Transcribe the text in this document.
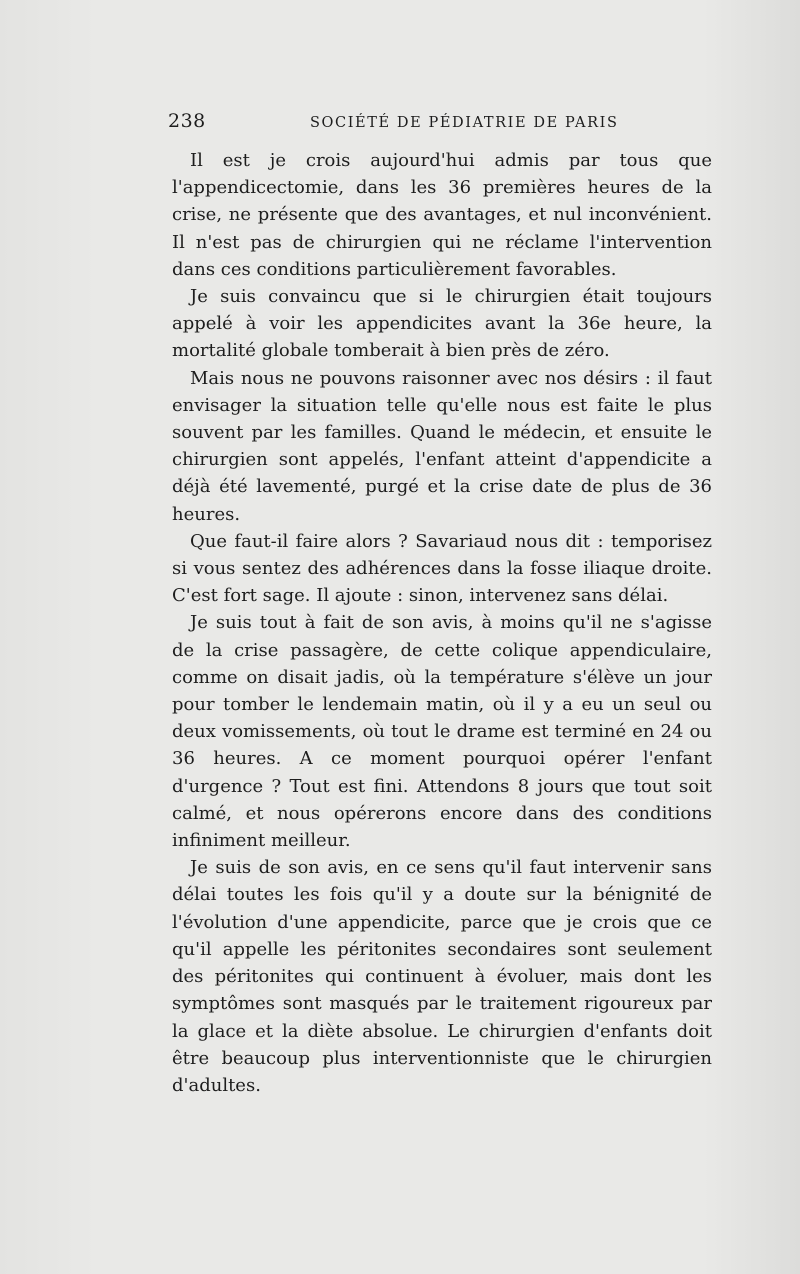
238	SOCIÉTÉ DE PÉDIATRIE DE PARIS

Il est je crois aujourd'hui admis par tous que l'appendicectomie, dans les 36 premières heures de la crise, ne présente que des avantages, et nul inconvénient. Il n'est pas de chirurgien qui ne réclame l'intervention dans ces conditions particulièrement favorables.

Je suis convaincu que si le chirurgien était toujours appelé à voir les appendicites avant la 36e heure, la mortalité globale tomberait à bien près de zéro.

Mais nous ne pouvons raisonner avec nos désirs : il faut envisager la situation telle qu'elle nous est faite le plus souvent par les familles. Quand le médecin, et ensuite le chirurgien sont appelés, l'enfant atteint d'appendicite a déjà été lavementé, purgé et la crise date de plus de 36 heures.

Que faut-il faire alors ? Savariaud nous dit : temporisez si vous sentez des adhérences dans la fosse iliaque droite. C'est fort sage. Il ajoute : sinon, intervenez sans délai.

Je suis tout à fait de son avis, à moins qu'il ne s'agisse de la crise passagère, de cette colique appendiculaire, comme on disait jadis, où la température s'élève un jour pour tomber le lendemain matin, où il y a eu un seul ou deux vomissements, où tout le drame est terminé en 24 ou 36 heures. A ce moment pourquoi opérer l'enfant d'urgence ? Tout est fini. Attendons 8 jours que tout soit calmé, et nous opérerons encore dans des conditions infiniment meilleur.

Je suis de son avis, en ce sens qu'il faut intervenir sans délai toutes les fois qu'il y a doute sur la bénignité de l'évolution d'une appendicite, parce que je crois que ce qu'il appelle les péritonites secondaires sont seulement des péritonites qui continuent à évoluer, mais dont les symptômes sont masqués par le traitement rigoureux par la glace et la diète absolue. Le chirurgien d'enfants doit être beaucoup plus interventionniste que le chirurgien d'adultes.
